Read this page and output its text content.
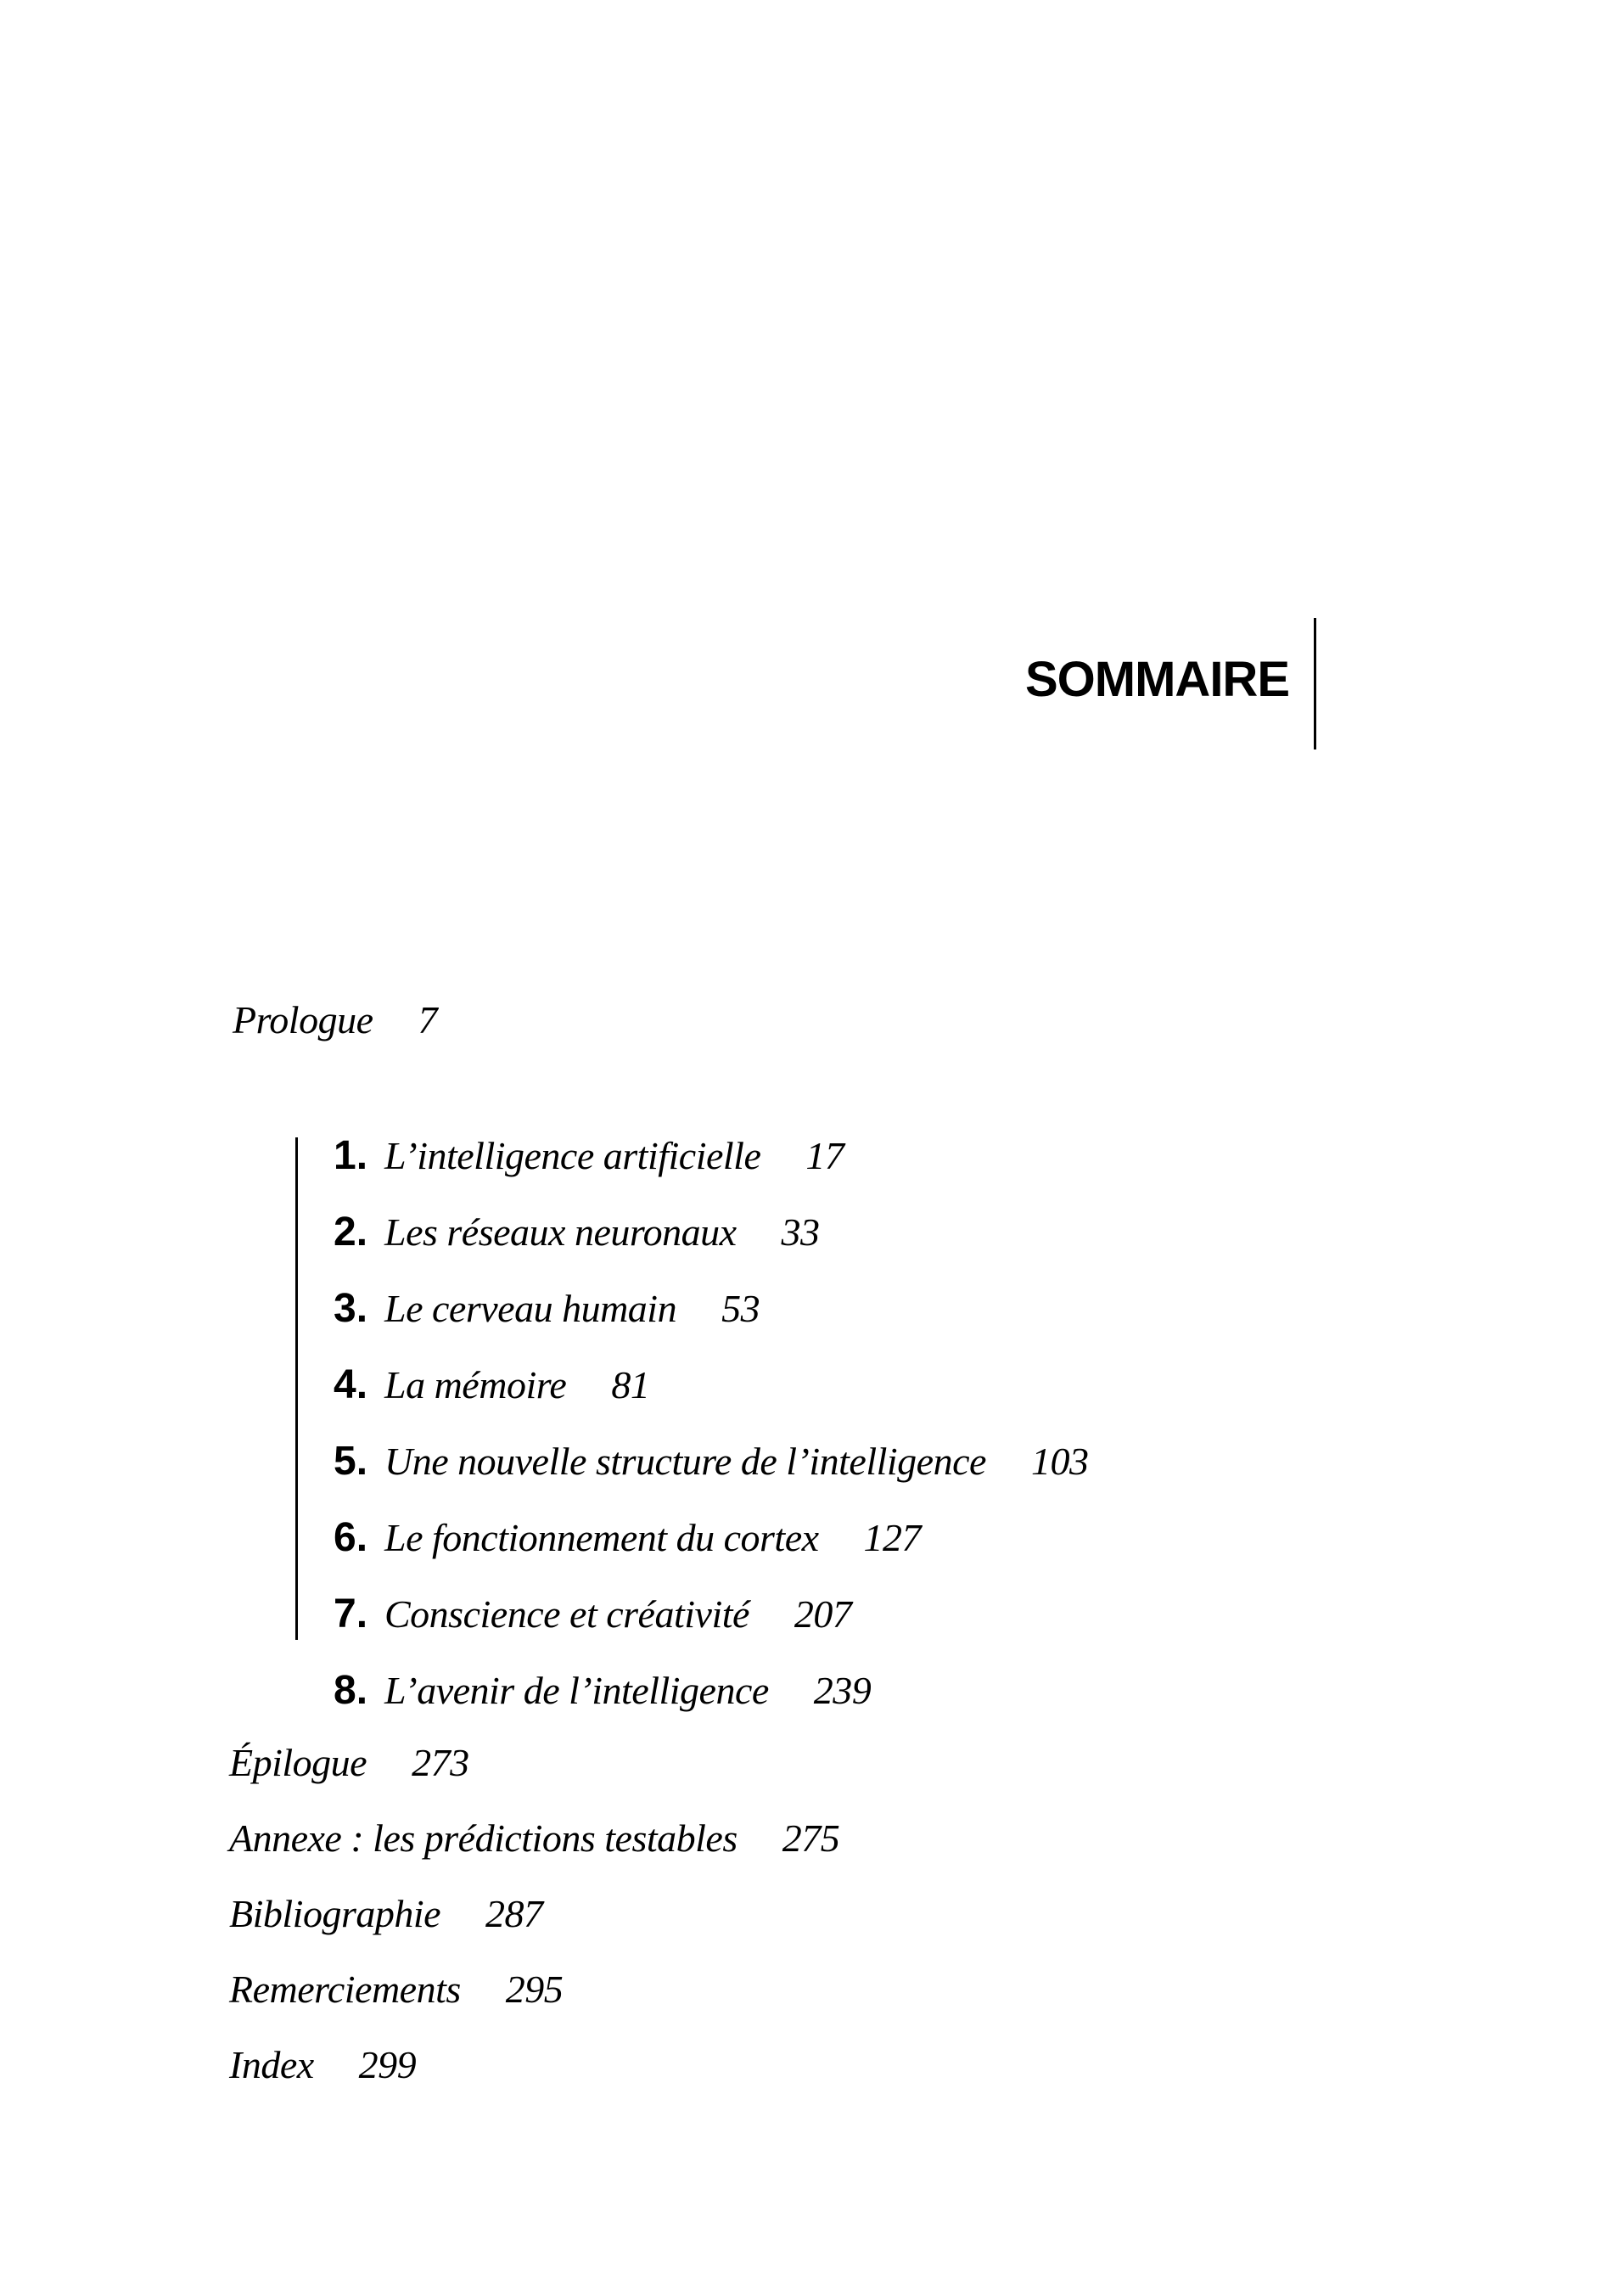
SOMMAIRE
Prologue 7
1. L’intelligence artificielle 17
2. Les réseaux neuronaux 33
3. Le cerveau humain 53
4. La mémoire 81
5. Une nouvelle structure de l’intelligence 103
6. Le fonctionnement du cortex 127
7. Conscience et créativité 207
8. L’avenir de l’intelligence 239
Épilogue 273
Annexe : les prédictions testables 275
Bibliographie 287
Remerciements 295
Index 299
